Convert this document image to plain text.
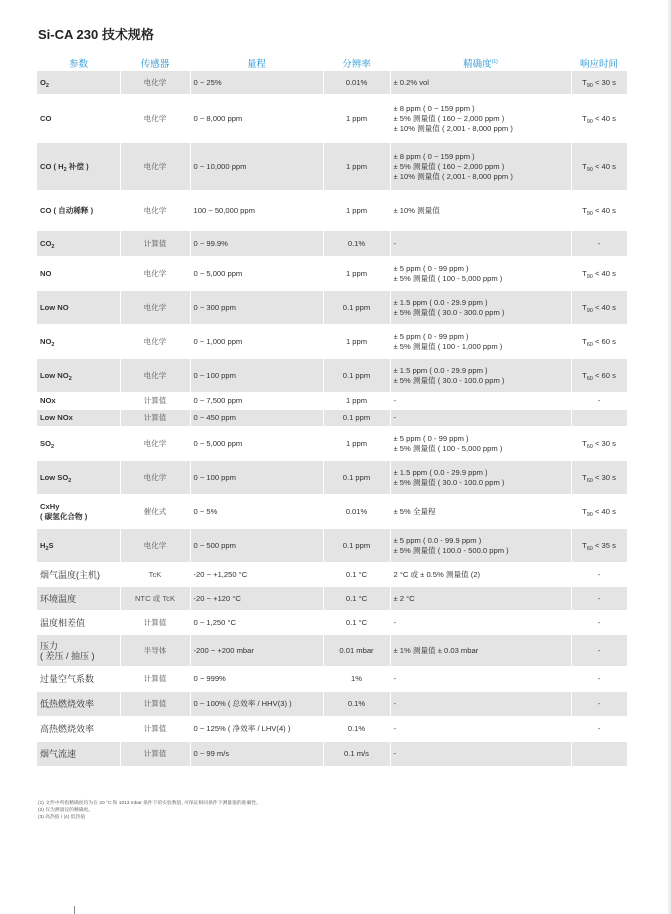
Si-CA 230 技术规格
参数	传感器	量程	分辨率	精确度$^{(1)}$	响应时间
$O_2$	电化学	0 ~ 25%	0.01%	± 0.2% vol	$T_{90} < 30$ s
CO	电化学	0 ~ 8,000 ppm	1 ppm	± 8 ppm ( 0 ~ 159 ppm )
± 5% 测量值 ( 160 ~ 2,000 ppm )
± 10% 测量值 ( 2,001 - 8,000 ppm )	$T_{90} < 40$ s
CO ( $H_2$ 补偿 )	电化学	0 ~ 10,000 ppm	1 ppm	± 8 ppm ( 0 ~ 159 ppm )
± 5% 测量值 ( 160 ~ 2,000 ppm )
± 10% 测量值 ( 2,001 - 8,000 ppm )	$T_{90} < 40$ s
CO ( 自动稀释 )	电化学	100 ~ 50,000 ppm	1 ppm	± 10% 测量值	$T_{90} < 40$ s
$CO_2$	计算值	0 ~ 99.9%	0.1%	-	-
NO	电化学	0 ~ 5,000 ppm	1 ppm	± 5 ppm ( 0 - 99 ppm )
± 5% 测量值 ( 100 - 5,000 ppm )	$T_{90} < 40$ s
Low NO	电化学	0 ~ 300 ppm	0.1 ppm	± 1.5 ppm ( 0.0 - 29.9 ppm )
± 5% 测量值 ( 30.0 - 300.0 ppm )	$T_{90} < 40$ s
$NO_2$	电化学	0 ~ 1,000 ppm	1 ppm	± 5 ppm ( 0 - 99 ppm )
± 5% 测量值 ( 100 - 1,000 ppm )	$T_{60} < 60$ s
Low $NO_2$	电化学	0 ~ 100 ppm	0.1 ppm	± 1.5 ppm ( 0.0 - 29.9 ppm )
± 5% 测量值 ( 30.0 - 100.0 ppm )	$T_{60} < 60$ s
NOx	计算值	0 ~ 7,500 ppm	1 ppm	-	-
Low NOx	计算值	0 ~ 450 ppm	0.1 ppm	-	

$SO_2$	电化学	0 ~ 5,000 ppm	1 ppm	± 5 ppm ( 0 - 99 ppm )
± 5% 测量值 ( 100 - 5,000 ppm )	$T_{60} < 30$ s
Low $SO_2$	电化学	0 ~ 100 ppm	0.1 ppm	± 1.5 ppm ( 0.0 - 29.9 ppm )
± 5% 测量值 ( 30.0 - 100.0 ppm )	$T_{60} < 30$ s
CxHy
( 碳氢化合物 )	催化式	0 ~ 5%	0.01%	± 5% 全量程	$T_{90} < 40$ s
$H_2S$	电化学	0 ~ 500 ppm	0.1 ppm	± 5 ppm ( 0.0 - 99.9 ppm )
± 5% 测量值 ( 100.0 - 500.0 ppm )	$T_{60} < 35$ s
烟气温度(主机)	TcK	-20 ~ +1,250 °C	0.1 °C	2 °C 或 ± 0.5% 测量值 (2)	-
环境温度	NTC 或 TcK	-20 ~ +120 °C	0.1 °C	± 2 °C	-
温度相差值	计算值	0 ~ 1,250 °C	0.1 °C	-	-
压力
( 差压 / 抽压 )	半导体	-200 ~ +200 mbar	0.01 mbar	± 1% 测量值 ± 0.03 mbar	-
过量空气系数	计算值	0 ~ 999%	1%	-	-
低热燃烧效率	计算值	0 ~ 100% ( 总效率 / HHV(3) )	0.1%	-	-
高热燃烧效率	计算值	0 ~ 125% ( 净效率 / LHV(4) )	0.1%	-	-
烟气流速	计算值	0 ~ 99 m/s	0.1 m/s	-	

(1) 文件中所指精确度均为在 20 °C 和 1013 mbar 条件下的实验数值, 可保证相同条件下测量值的准确性。
(2) 仅为测量仪的精确度。
(3) 高热值 / (4) 低热值
